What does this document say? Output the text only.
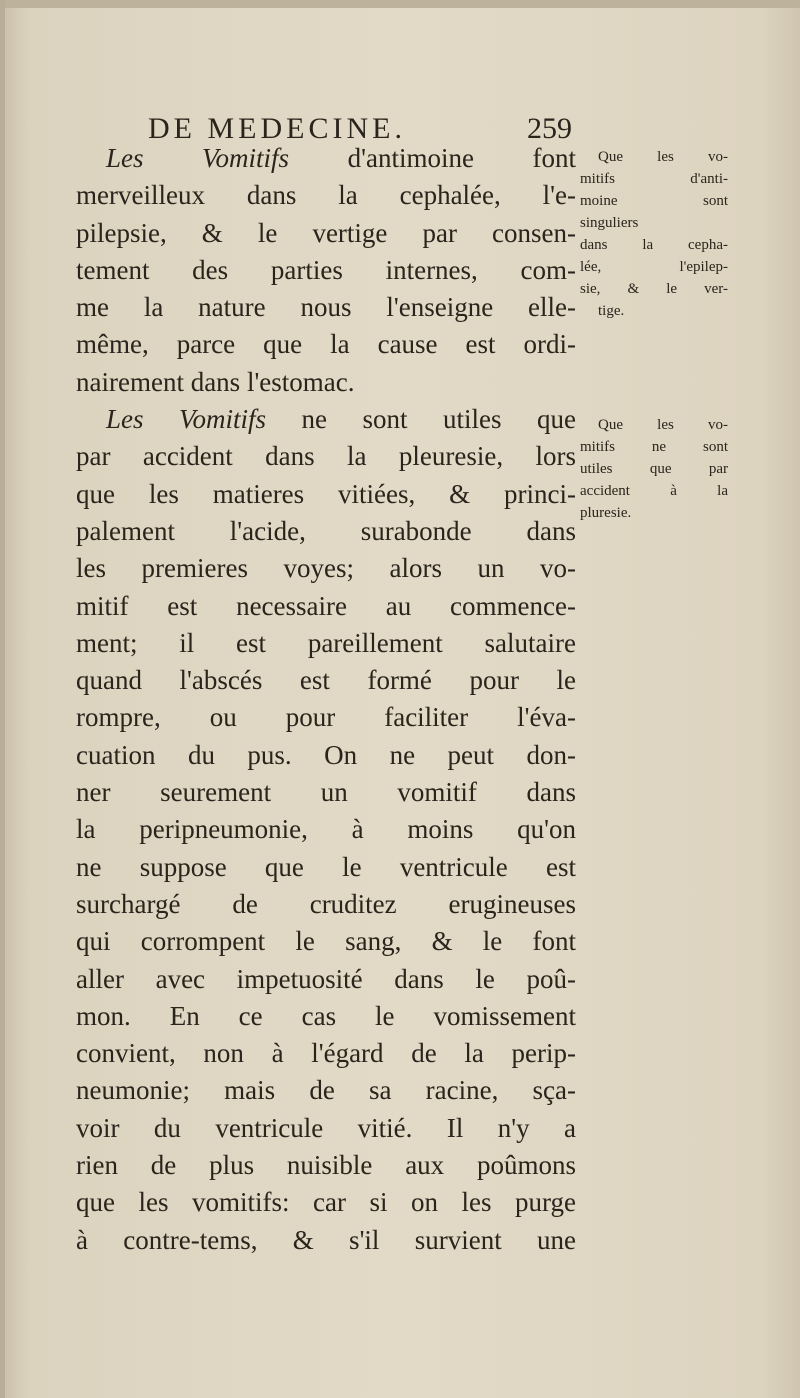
DE MEDECINE.	259
Les Vomitifs d'antimoine font
merveilleux dans la cephalée, l'e-
pilepsie, & le vertige par consen-
tement des parties internes, com-
me la nature nous l'enseigne elle-
même, parce que la cause est ordi-
nairement dans l'estomac.
Les Vomitifs ne sont utiles que
par accident dans la pleuresie, lors
que les matieres vitiées, & princi-
palement l'acide, surabonde dans
les premieres voyes; alors un vo-
mitif est necessaire au commence-
ment; il est pareillement salutaire
quand l'abscés est formé pour le
rompre, ou pour faciliter l'éva-
cuation du pus. On ne peut don-
ner seurement un vomitif dans
la peripneumonie, à moins qu'on
ne suppose que le ventricule est
surchargé de cruditez erugineuses
qui corrompent le sang, & le font
aller avec impetuosité dans le poû-
mon. En ce cas le vomissement
convient, non à l'égard de la perip-
neumonie; mais de sa racine, sça-
voir du ventricule vitié. Il n'y a
rien de plus nuisible aux poûmons
que les vomitifs: car si on les purge
à contre-tems, & s'il survient une
Que les vo-
mitifs d'anti-
moine sont
singuliers
dans la cepha-
lée, l'epilep-
sie, & le ver-
tige.
Que les vo-
mitifs ne sont
utiles que par
accident à la
pluresie.
